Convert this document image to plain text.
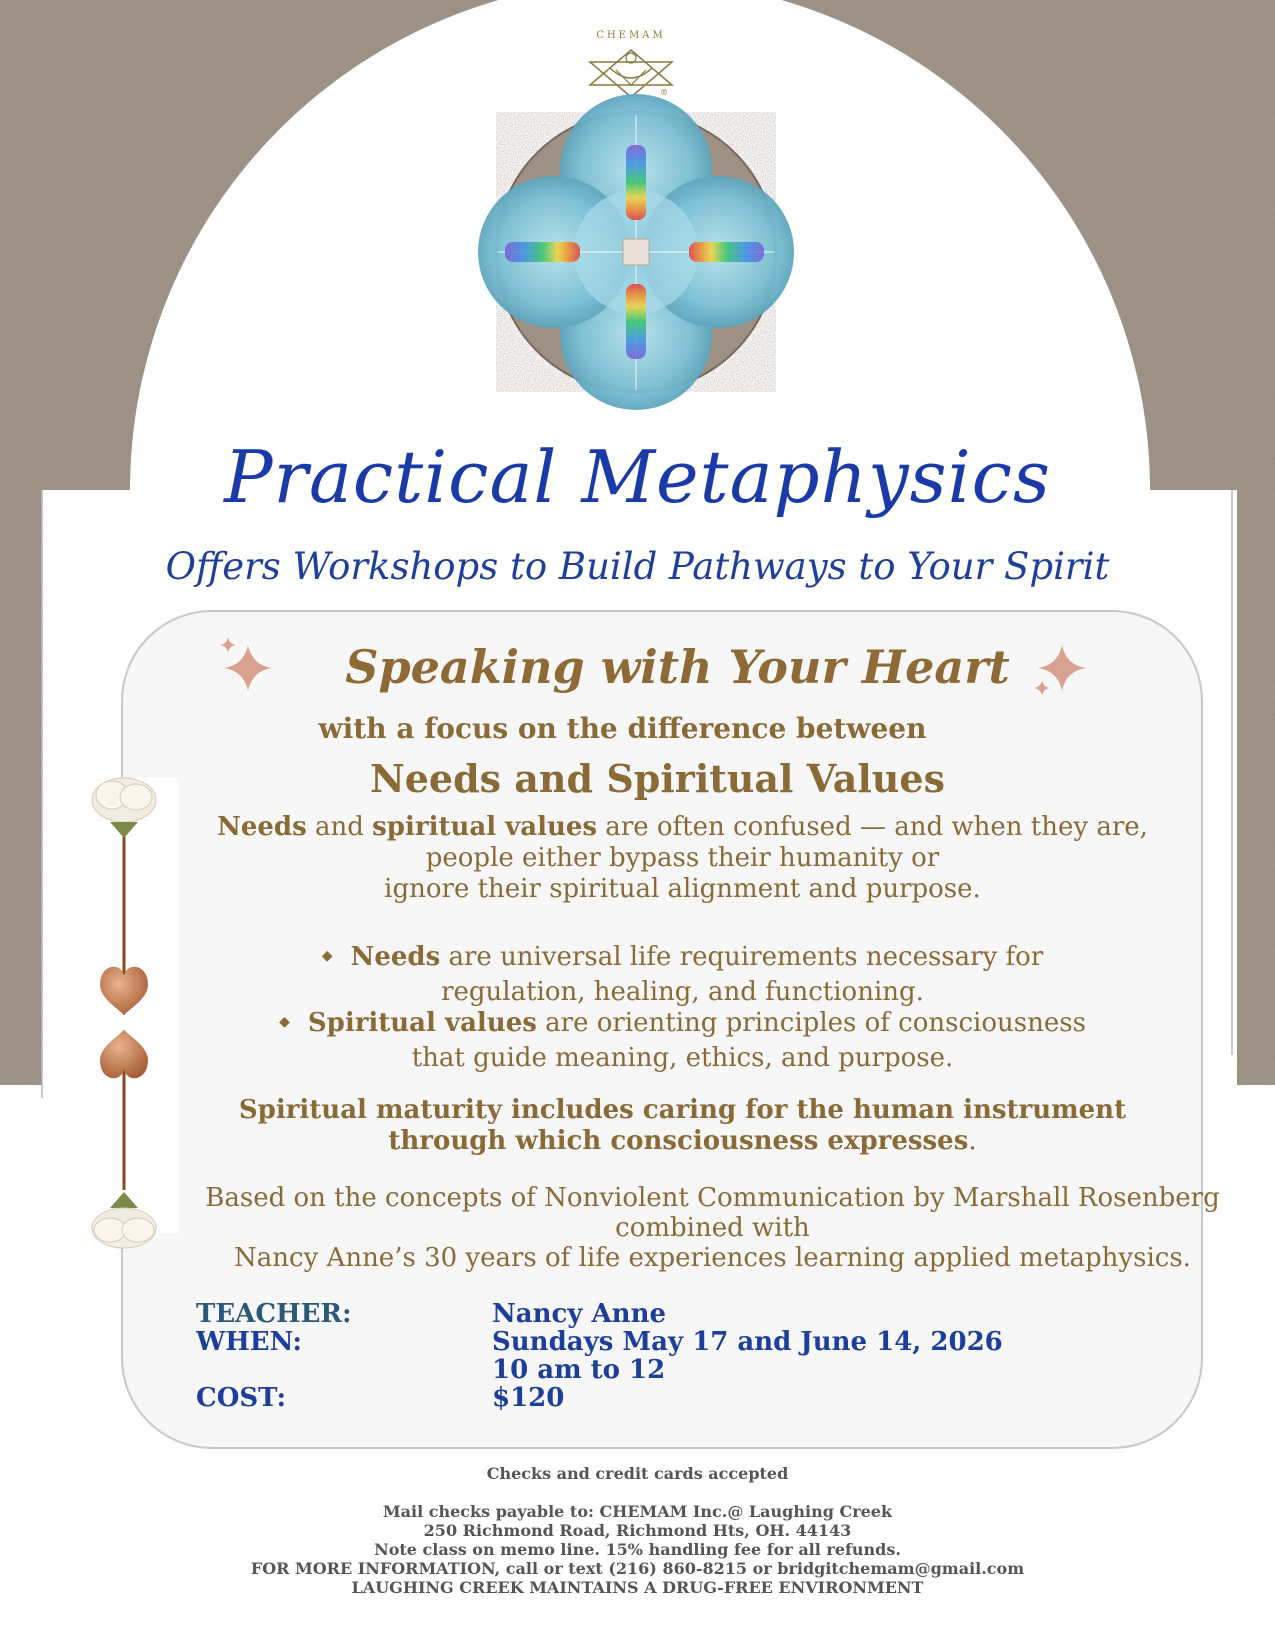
CHEMAM
®
Practical Metaphysics
Offers Workshops to Build Pathways to Your Spirit
Speaking with Your Heart
with a focus on the difference between
Needs and Spiritual Values
Needs and spiritual values are often confused — and when they are,
people either bypass their humanity or
ignore their spiritual alignment and purpose.
◆ Needs are universal life requirements necessary for
regulation, healing, and functioning.
◆ Spiritual values are orienting principles of consciousness
that guide meaning, ethics, and purpose.
Spiritual maturity includes caring for the human instrument
through which consciousness expresses.
Based on the concepts of Nonviolent Communication by Marshall Rosenberg
combined with
Nancy Anne’s 30 years of life experiences learning applied metaphysics.
TEACHER:	Nancy Anne
WHEN:	Sundays May 17 and June 14, 2026
10 am to 12
COST:	$120
Checks and credit cards accepted
Mail checks payable to: CHEMAM Inc.@ Laughing Creek
250 Richmond Road, Richmond Hts, OH. 44143
Note class on memo line. 15% handling fee for all refunds.
FOR MORE INFORMATION, call or text (216) 860-8215 or bridgitchemam@gmail.com
LAUGHING CREEK MAINTAINS A DRUG-FREE ENVIRONMENT
